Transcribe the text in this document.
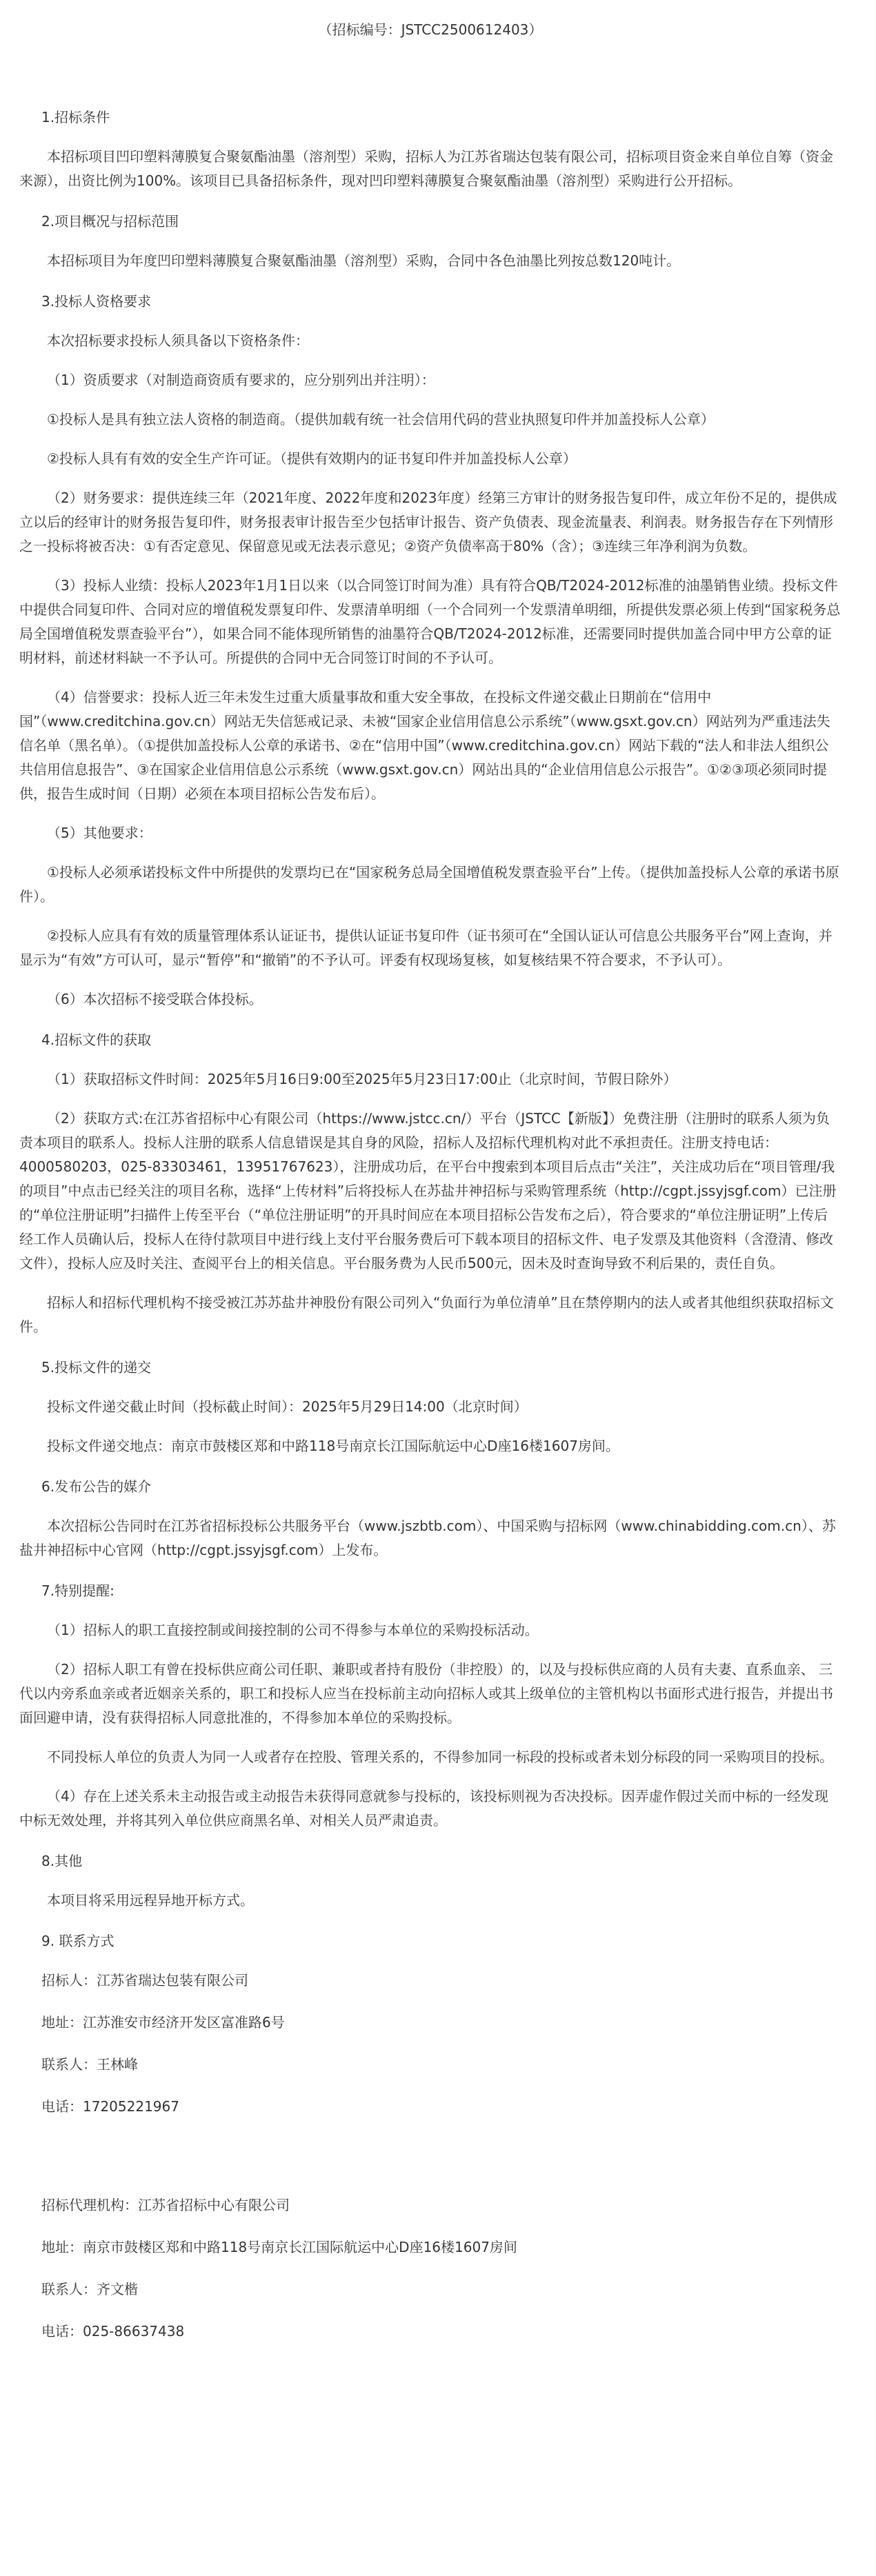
（招标编号：JSTCC2500612403）

1.招标条件

本招标项目凹印塑料薄膜复合聚氨酯油墨（溶剂型）采购，招标人为江苏省瑞达包装有限公司，招标项目资金来自单位自筹（资金来源），出资比例为100%。该项目已具备招标条件，现对凹印塑料薄膜复合聚氨酯油墨（溶剂型）采购进行公开招标。

2.项目概况与招标范围

本招标项目为年度凹印塑料薄膜复合聚氨酯油墨（溶剂型）采购，合同中各色油墨比列按总数120吨计。

3.投标人资格要求

本次招标要求投标人须具备以下资格条件：

（1）资质要求（对制造商资质有要求的，应分别列出并注明）：

①投标人是具有独立法人资格的制造商。（提供加载有统一社会信用代码的营业执照复印件并加盖投标人公章）

②投标人具有有效的安全生产许可证。（提供有效期内的证书复印件并加盖投标人公章）

（2）财务要求：提供连续三年（2021年度、2022年度和2023年度）经第三方审计的财务报告复印件，成立年份不足的，提供成立以后的经审计的财务报告复印件，财务报表审计报告至少包括审计报告、资产负债表、现金流量表、利润表。财务报告存在下列情形之一投标将被否决：①有否定意见、保留意见或无法表示意见；②资产负债率高于80%（含）；③连续三年净利润为负数。

（3）投标人业绩：投标人2023年1月1日以来（以合同签订时间为准）具有符合QB/T2024-2012标准的油墨销售业绩。投标文件中提供合同复印件、合同对应的增值税发票复印件、发票清单明细（一个合同列一个发票清单明细，所提供发票必须上传到“国家税务总局全国增值税发票查验平台”），如果合同不能体现所销售的油墨符合QB/T2024-2012标准，还需要同时提供加盖合同中甲方公章的证明材料，前述材料缺一不予认可。所提供的合同中无合同签订时间的不予认可。

（4）信誉要求：投标人近三年未发生过重大质量事故和重大安全事故，在投标文件递交截止日期前在“信用中国”（www.creditchina.gov.cn）网站无失信惩戒记录、未被“国家企业信用信息公示系统”（www.gsxt.gov.cn）网站列为严重违法失信名单（黑名单）。（①提供加盖投标人公章的承诺书、②在“信用中国”（www.creditchina.gov.cn）网站下载的“法人和非法人组织公共信用信息报告”、③在国家企业信用信息公示系统（www.gsxt.gov.cn）网站出具的“企业信用信息公示报告”。①②③项必须同时提供，报告生成时间（日期）必须在本项目招标公告发布后）。

（5）其他要求：

①投标人必须承诺投标文件中所提供的发票均已在“国家税务总局全国增值税发票查验平台”上传。（提供加盖投标人公章的承诺书原件）。

②投标人应具有有效的质量管理体系认证证书，提供认证证书复印件（证书须可在“全国认证认可信息公共服务平台”网上查询，并显示为“有效”方可认可，显示“暂停”和“撤销”的不予认可。评委有权现场复核，如复核结果不符合要求，不予认可）。

（6）本次招标不接受联合体投标。

4.招标文件的获取

（1）获取招标文件时间：2025年5月16日9:00至2025年5月23日17:00止（北京时间，节假日除外）

（2）获取方式:在江苏省招标中心有限公司（https://www.jstcc.cn/）平台（JSTCC【新版】）免费注册（注册时的联系人须为负责本项目的联系人。投标人注册的联系人信息错误是其自身的风险，招标人及招标代理机构对此不承担责任。注册支持电话：4000580203，025-83303461，13951767623），注册成功后，在平台中搜索到本项目后点击“关注”，关注成功后在“项目管理/我的项目”中点击已经关注的项目名称，选择“上传材料”后将投标人在苏盐井神招标与采购管理系统（http://cgpt.jssyjsgf.com）已注册的“单位注册证明”扫描件上传至平台（“单位注册证明”的开具时间应在本项目招标公告发布之后），符合要求的“单位注册证明”上传后经工作人员确认后，投标人在待付款项目中进行线上支付平台服务费后可下载本项目的招标文件、电子发票及其他资料（含澄清、修改文件），投标人应及时关注、查阅平台上的相关信息。平台服务费为人民币500元，因未及时查询导致不利后果的，责任自负。

招标人和招标代理机构不接受被江苏苏盐井神股份有限公司列入“负面行为单位清单”且在禁停期内的法人或者其他组织获取招标文件。

5.投标文件的递交

投标文件递交截止时间（投标截止时间）：2025年5月29日14:00（北京时间）

投标文件递交地点：南京市鼓楼区郑和中路118号南京长江国际航运中心D座16楼1607房间。

6.发布公告的媒介

本次招标公告同时在江苏省招标投标公共服务平台（www.jszbtb.com）、中国采购与招标网（www.chinabidding.com.cn）、苏盐井神招标中心官网（http://cgpt.jssyjsgf.com）上发布。

7.特别提醒:

（1）招标人的职工直接控制或间接控制的公司不得参与本单位的采购投标活动。

（2）招标人职工有曾在投标供应商公司任职、兼职或者持有股份（非控股）的，以及与投标供应商的人员有夫妻、直系血亲、 三代以内旁系血亲或者近姻亲关系的，职工和投标人应当在投标前主动向招标人或其上级单位的主管机构以书面形式进行报告，并提出书面回避申请，没有获得招标人同意批准的，不得参加本单位的采购投标。

不同投标人单位的负责人为同一人或者存在控股、管理关系的，不得参加同一标段的投标或者未划分标段的同一采购项目的投标。

（4）存在上述关系未主动报告或主动报告未获得同意就参与投标的，该投标则视为否决投标。因弄虚作假过关而中标的一经发现中标无效处理，并将其列入单位供应商黑名单、对相关人员严肃追责。

8.其他

本项目将采用远程异地开标方式。

9. 联系方式

招标人：江苏省瑞达包装有限公司

地址：江苏淮安市经济开发区富准路6号

联系人：王林峰

电话：17205221967

招标代理机构：江苏省招标中心有限公司

地址：南京市鼓楼区郑和中路118号南京长江国际航运中心D座16楼1607房间

联系人：齐文楷

电话：025-86637438
